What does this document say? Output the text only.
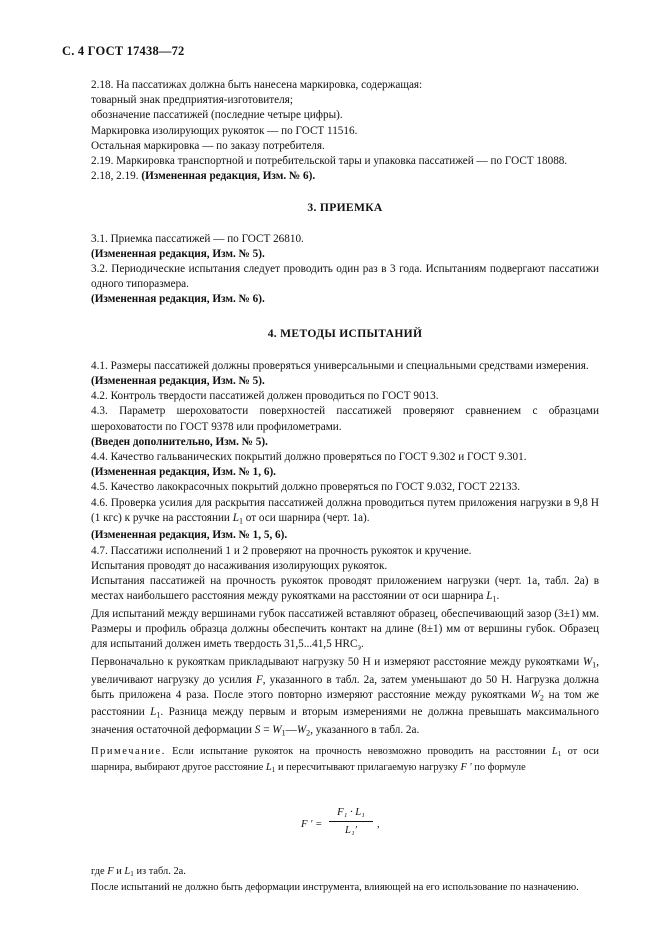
С. 4 ГОСТ 17438—72

2.18. На пассатижах должна быть нанесена маркировка, содержащая:

товарный знак предприятия-изготовителя;

обозначение пассатижей (последние четыре цифры).

Маркировка изолирующих рукояток — по ГОСТ 11516.

Остальная маркировка — по заказу потребителя.

2.19. Маркировка транспортной и потребительской тары и упаковка пассатижей — по ГОСТ 18088.

2.18, 2.19. (Измененная редакция, Изм. № 6).

3. ПРИЕМКА

3.1. Приемка пассатижей — по ГОСТ 26810.

(Измененная редакция, Изм. № 5).

3.2. Периодические испытания следует проводить один раз в 3 года. Испытаниям подвергают пассатижи одного типоразмера.

(Измененная редакция, Изм. № 6).

4. МЕТОДЫ ИСПЫТАНИЙ

4.1. Размеры пассатижей должны проверяться универсальными и специальными средствами измерения.

(Измененная редакция, Изм. № 5).

4.2. Контроль твердости пассатижей должен проводиться по ГОСТ 9013.

4.3. Параметр шероховатости поверхностей пассатижей проверяют сравнением с образцами шероховатости по ГОСТ 9378 или профилометрами.

(Введен дополнительно, Изм. № 5).

4.4. Качество гальванических покрытий должно проверяться по ГОСТ 9.302 и ГОСТ 9.301.

(Измененная редакция, Изм. № 1, 6).

4.5. Качество лакокрасочных покрытий должно проверяться по ГОСТ 9.032, ГОСТ 22133.

4.6. Проверка усилия для раскрытия пассатижей должна проводиться путем приложения нагрузки в 9,8 Н (1 кгс) к ручке на расстоянии $L_1$ от оси шарнира (черт. 1а).

(Измененная редакция, Изм. № 1, 5, 6).

4.7. Пассатижи исполнений 1 и 2 проверяют на прочность рукояток и кручение.

Испытания проводят до насаживания изолирующих рукояток.

Испытания пассатижей на прочность рукояток проводят приложением нагрузки (черт. 1а, табл. 2а) в местах наибольшего расстояния между рукоятками на расстоянии от оси шарнира $L_1$.

Для испытаний между вершинами губок пассатижей вставляют образец, обеспечивающий зазор (3±1) мм. Размеры и профиль образца должны обеспечить контакт на длине (8±1) мм от вершины губок. Образец для испытаний должен иметь твердость 31,5...41,5 $HRC_э$.

Первоначально к рукояткам прикладывают нагрузку 50 Н и измеряют расстояние между рукоятками $W_1$, увеличивают нагрузку до усилия F, указанного в табл. 2а, затем уменьшают до 50 Н. Нагрузка должна быть приложена 4 раза. После этого повторно измеряют расстояние между рукоятками $W_2$ на том же расстоянии $L_1$. Разница между первым и вторым измерениями не должна превышать максимального значения остаточной деформации $S = W_1—W_2$, указанного в табл. 2а.

Примечание. Если испытание рукояток на прочность невозможно проводить на расстоянии $L_1$ от оси шарнира, выбирают другое расстояние $L_1$ и пересчитывают прилагаемую нагрузку F ′ по формуле

F ′ = $\frac{\text{F₁ · L₁}}{\text{L₁′}}$ ,

где F и $L_1$ из табл. 2а.

После испытаний не должно быть деформации инструмента, влияющей на его использование по назначению.
